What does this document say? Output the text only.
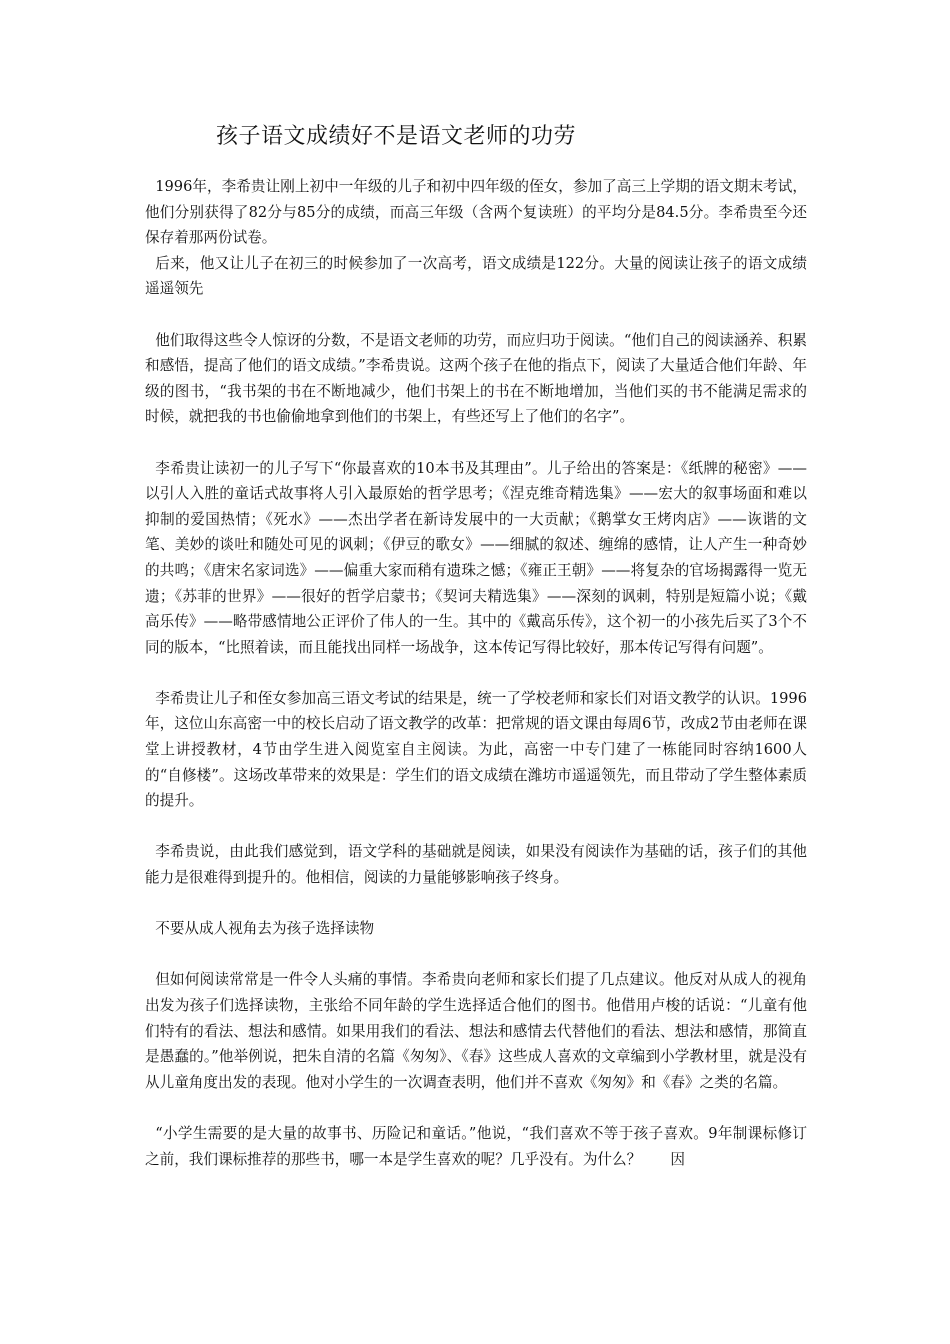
孩子语文成绩好不是语文老师的功劳

1996年，李希贵让刚上初中一年级的儿子和初中四年级的侄女，参加了高三上学期的语文期末考试，他们分别获得了82分与85分的成绩，而高三年级（含两个复读班）的平均分是84.5分。李希贵至今还保存着那两份试卷。

后来，他又让儿子在初三的时候参加了一次高考，语文成绩是122分。大量的阅读让孩子的语文成绩遥遥领先

他们取得这些令人惊讶的分数，不是语文老师的功劳，而应归功于阅读。“他们自己的阅读涵养、积累和感悟，提高了他们的语文成绩。”李希贵说。这两个孩子在他的指点下，阅读了大量适合他们年龄、年级的图书，“我书架的书在不断地减少，他们书架上的书在不断地增加，当他们买的书不能满足需求的时候，就把我的书也偷偷地拿到他们的书架上，有些还写上了他们的名字”。

李希贵让读初一的儿子写下“你最喜欢的10本书及其理由”。儿子给出的答案是：《纸牌的秘密》——以引人入胜的童话式故事将人引入最原始的哲学思考；《涅克维奇精选集》——宏大的叙事场面和难以抑制的爱国热情；《死水》——杰出学者在新诗发展中的一大贡献；《鹅掌女王烤肉店》——诙谐的文笔、美妙的谈吐和随处可见的讽刺；《伊豆的歌女》——细腻的叙述、缠绵的感情，让人产生一种奇妙的共鸣；《唐宋名家词选》——偏重大家而稍有遗珠之憾；《雍正王朝》——将复杂的官场揭露得一览无遗；《苏菲的世界》——很好的哲学启蒙书；《契诃夫精选集》——深刻的讽刺，特别是短篇小说；《戴高乐传》——略带感情地公正评价了伟人的一生。其中的《戴高乐传》，这个初一的小孩先后买了3个不同的版本，“比照着读，而且能找出同样一场战争，这本传记写得比较好，那本传记写得有问题”。

李希贵让儿子和侄女参加高三语文考试的结果是，统一了学校老师和家长们对语文教学的认识。1996年，这位山东高密一中的校长启动了语文教学的改革：把常规的语文课由每周6节，改成2节由老师在课堂上讲授教材，4节由学生进入阅览室自主阅读。为此，高密一中专门建了一栋能同时容纳1600人的“自修楼”。这场改革带来的效果是：学生们的语文成绩在潍坊市遥遥领先，而且带动了学生整体素质的提升。

李希贵说，由此我们感觉到，语文学科的基础就是阅读，如果没有阅读作为基础的话，孩子们的其他能力是很难得到提升的。他相信，阅读的力量能够影响孩子终身。

不要从成人视角去为孩子选择读物

但如何阅读常常是一件令人头痛的事情。李希贵向老师和家长们提了几点建议。他反对从成人的视角出发为孩子们选择读物，主张给不同年龄的学生选择适合他们的图书。他借用卢梭的话说：“儿童有他们特有的看法、想法和感情。如果用我们的看法、想法和感情去代替他们的看法、想法和感情，那简直是愚蠢的。”他举例说，把朱自清的名篇《匆匆》、《春》这些成人喜欢的文章编到小学教材里，就是没有从儿童角度出发的表现。他对小学生的一次调查表明，他们并不喜欢《匆匆》和《春》之类的名篇。

“小学生需要的是大量的故事书、历险记和童话。”他说，“我们喜欢不等于孩子喜欢。9年制课标修订之前，我们课标推荐的那些书，哪一本是学生喜欢的呢？几乎没有。为什么？　　因
